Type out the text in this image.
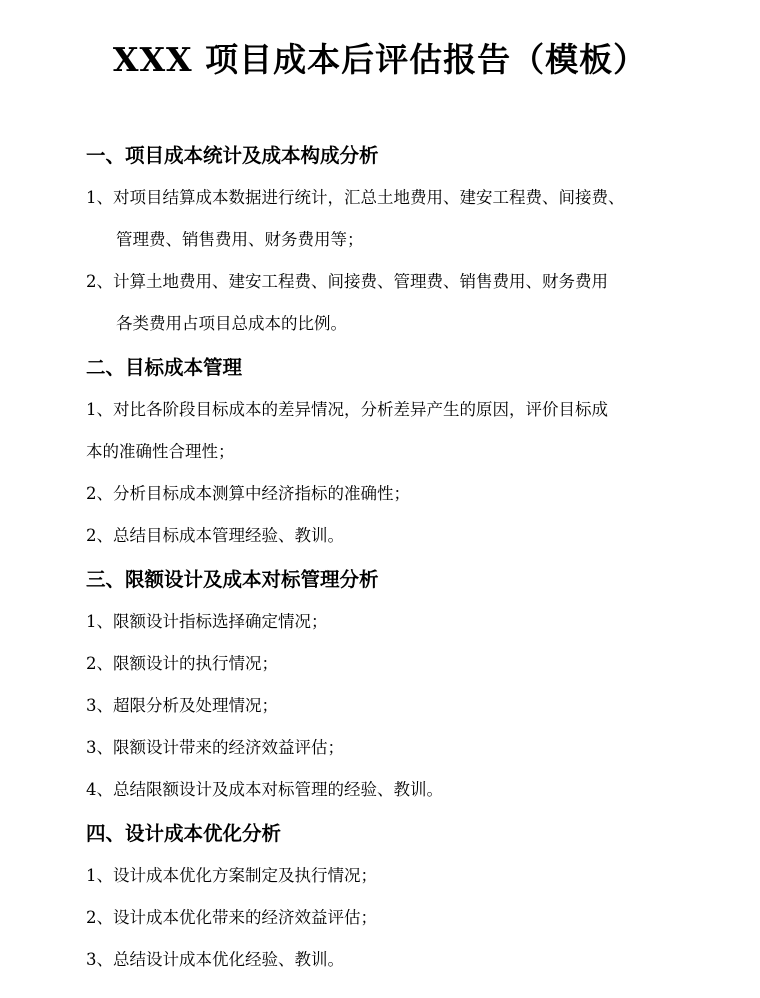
XXX 项目成本后评估报告（模板）
一、项目成本统计及成本构成分析
1、对项目结算成本数据进行统计，汇总土地费用、建安工程费、间接费、
管理费、销售费用、财务费用等；
2、计算土地费用、建安工程费、间接费、管理费、销售费用、财务费用
各类费用占项目总成本的比例。
二、目标成本管理
1、对比各阶段目标成本的差异情况，分析差异产生的原因，评价目标成
本的准确性合理性；
2、分析目标成本测算中经济指标的准确性；
2、总结目标成本管理经验、教训。
三、限额设计及成本对标管理分析
1、限额设计指标选择确定情况；
2、限额设计的执行情况；
3、超限分析及处理情况；
3、限额设计带来的经济效益评估；
4、总结限额设计及成本对标管理的经验、教训。
四、设计成本优化分析
1、设计成本优化方案制定及执行情况；
2、设计成本优化带来的经济效益评估；
3、总结设计成本优化经验、教训。
